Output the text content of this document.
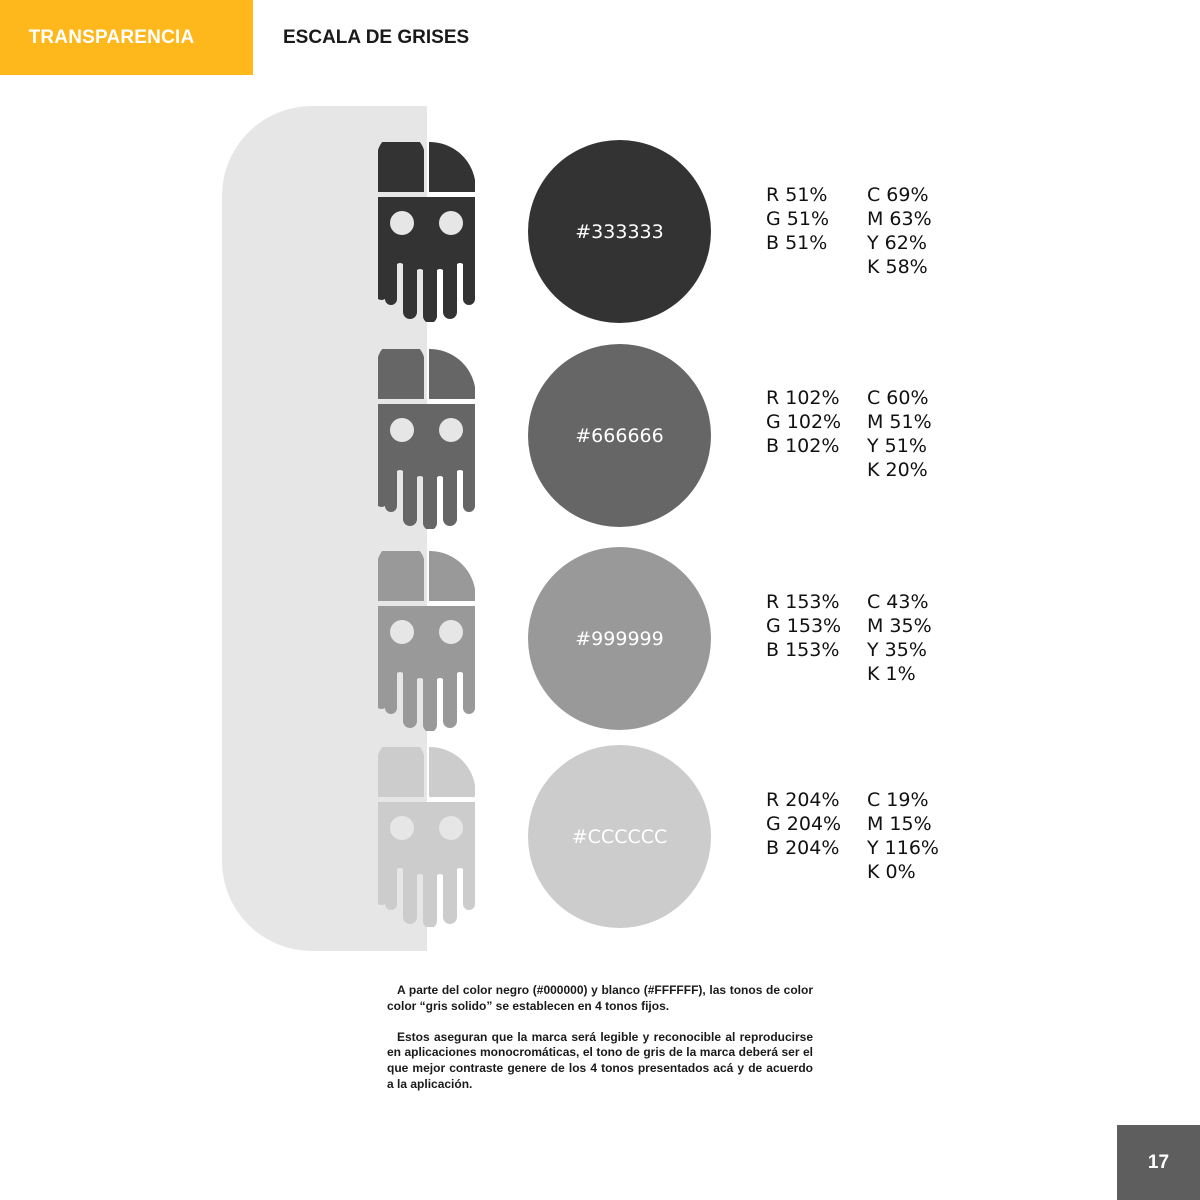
TRANSPARENCIA	ESCALA DE GRISES
#333333
R 51%
G 51%
B 51%
C 69%
M 63%
Y 62%
K 58%
#666666
R 102%
G 102%
B 102%
C 60%
M 51%
Y 51%
K 20%
#999999
R 153%
G 153%
B 153%
C 43%
M 35%
Y 35%
K 1%
#CCCCCC
R 204%
G 204%
B 204%
C 19%
M 15%
Y 116%
K 0%

A parte del color negro (#000000) y blanco (#FFFFFF), las tonos de color color “gris solido” se establecen en 4 tonos fijos.

Estos aseguran que la marca será legible y reconocible al reproducirse en aplicaciones monocromáticas, el tono de gris de la marca deberá ser el que mejor contraste genere de los 4 tonos presentados acá y de acuerdo a la aplicación.

17
